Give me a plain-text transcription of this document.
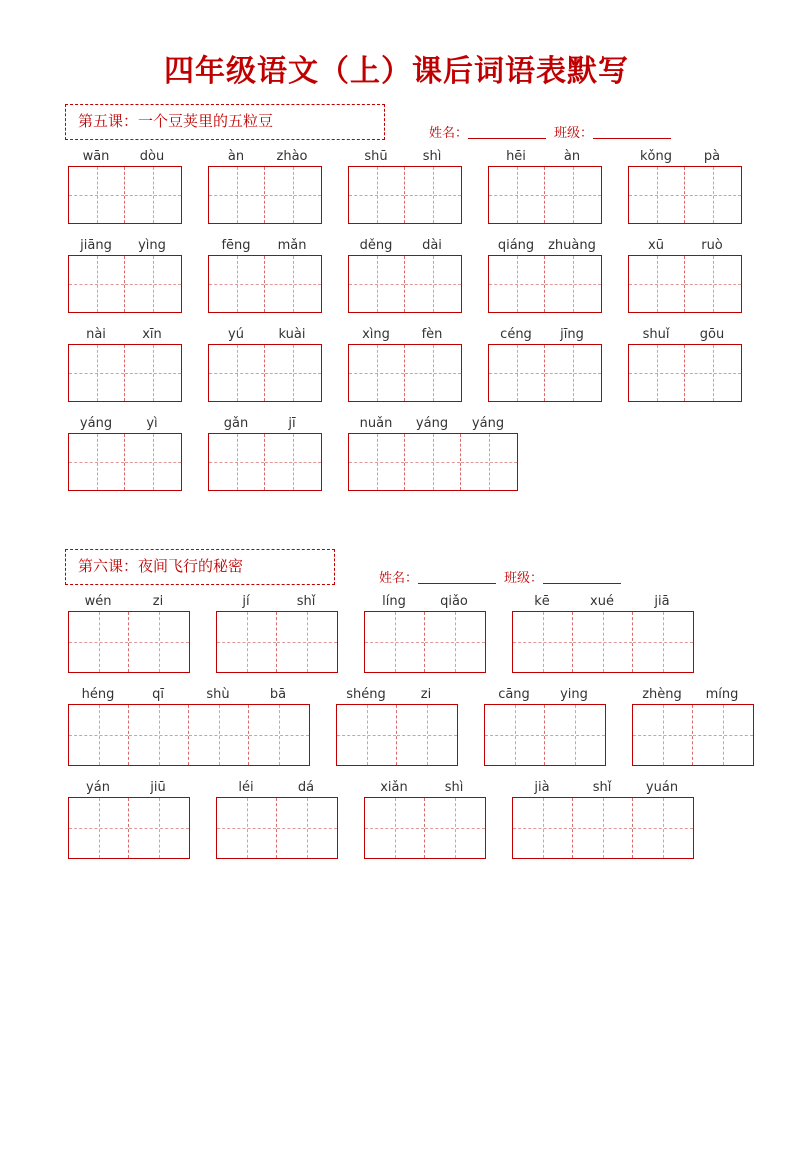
四年级语文（上）课后词语表默写
第五课：一个豆荚里的五粒豆
姓名：	班级：
wān	dòu	àn	zhào	shū	shì	hēi	àn	kǒng	pà
jiāng	yìng	fēng	mǎn	děng	dài	qiáng	zhuàng	xū	ruò
nài	xīn	yú	kuài	xìng	fèn	céng	jīng	shuǐ	gōu
yáng	yì	gǎn	jī	nuǎn	yáng	yáng
第六课：夜间飞行的秘密
姓名：	班级：
wén	zi	jí	shǐ	líng	qiǎo	kē	xué	jiā
héng	qī	shù	bā	shéng	zi	cāng	ying	zhèng	míng
yán	jiū	léi	dá	xiǎn	shì	jià	shǐ	yuán
